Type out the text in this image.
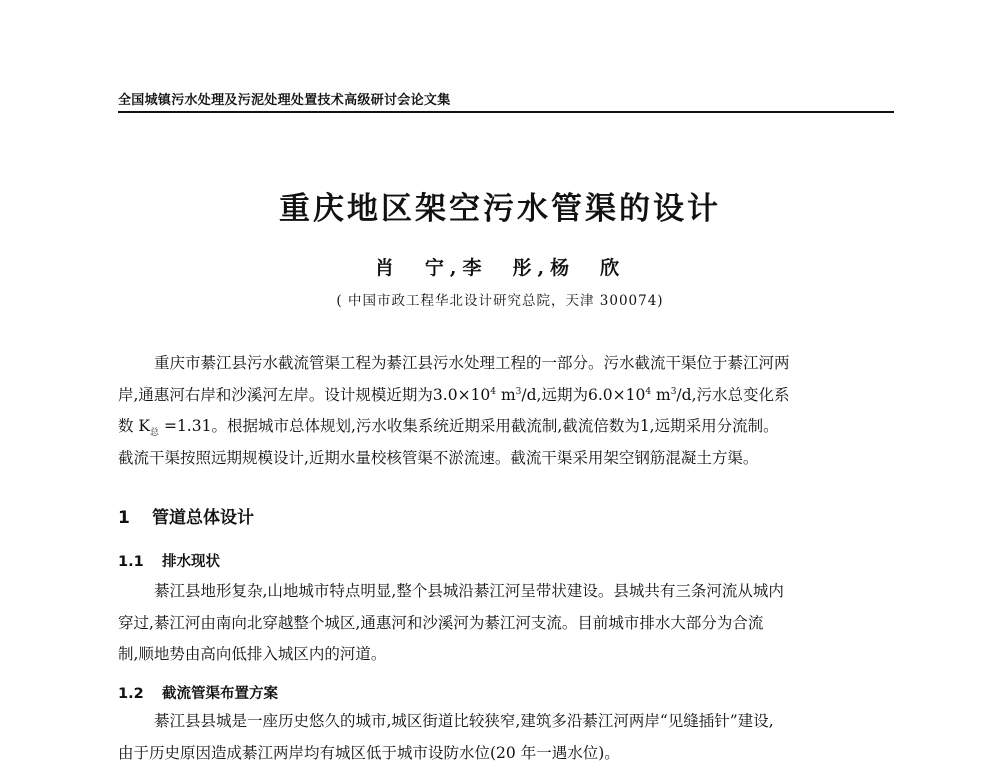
全国城镇污水处理及污泥处理处置技术高级研讨会论文集
重庆地区架空污水管渠的设计
肖　宁,李　彤,杨　欣
( 中国市政工程华北设计研究总院，天津 300074)
重庆市綦江县污水截流管渠工程为綦江县污水处理工程的一部分。污水截流干渠位于綦江河两
岸,通惠河右岸和沙溪河左岸。设计规模近期为$3.0\times 10^4$ $m^3/d$,远期为$6.0\times 10^4$ $m^3/d$,污水总变化系
数 $K_总 =1.31$。根据城市总体规划,污水收集系统近期采用截流制,截流倍数为1,远期采用分流制。
截流干渠按照远期规模设计,近期水量校核管渠不淤流速。截流干渠采用架空钢筋混凝土方渠。
1 管道总体设计
1.1 排水现状
綦江县地形复杂,山地城市特点明显,整个县城沿綦江河呈带状建设。县城共有三条河流从城内
穿过,綦江河由南向北穿越整个城区,通惠河和沙溪河为綦江河支流。目前城市排水大部分为合流
制,顺地势由高向低排入城区内的河道。
1.2 截流管渠布置方案
綦江县县城是一座历史悠久的城市,城区街道比较狭窄,建筑多沿綦江河两岸“见缝插针”建设,
由于历史原因造成綦江两岸均有城区低于城市设防水位(20 年一遇水位)。
